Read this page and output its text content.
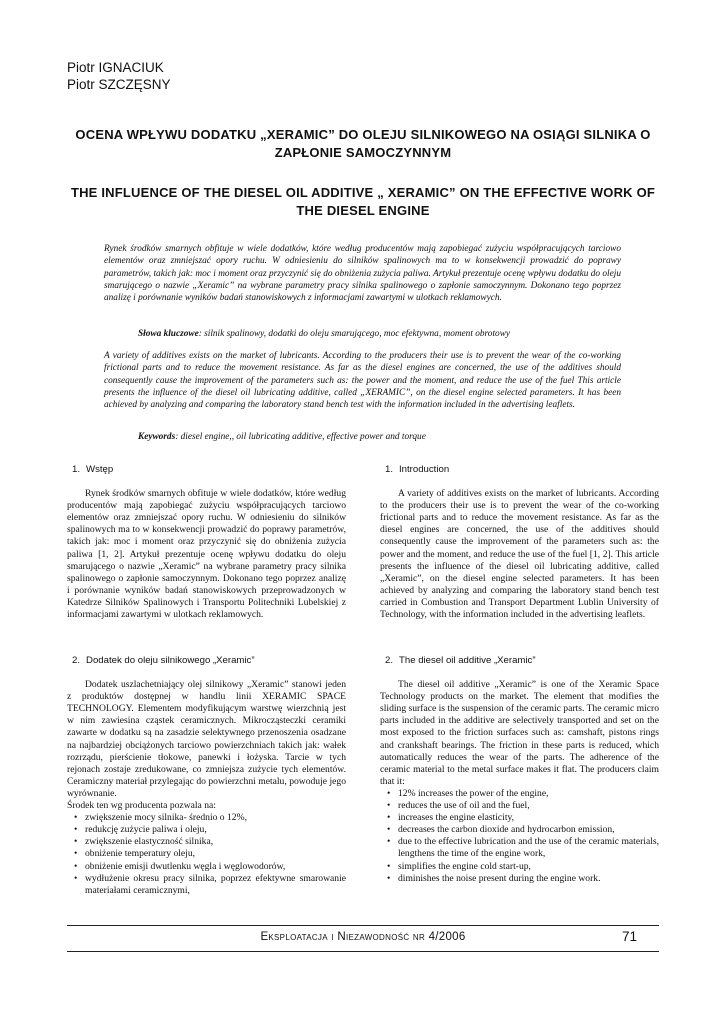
Piotr IGNACIUK
Piotr SZCZĘSNY
OCENA WPŁYWU DODATKU „XERAMIC” DO OLEJU SILNIKOWEGO NA OSIĄGI SILNIKA O ZAPŁONIE SAMOCZYNNYM
THE INFLUENCE OF THE DIESEL OIL ADDITIVE „ XERAMIC” ON THE EFFECTIVE WORK OF THE DIESEL ENGINE
Rynek środków smarnych obfituje w wiele dodatków, które według producentów mają zapobiegać zużyciu współpracujących tarciowo elementów oraz zmniejszać opory ruchu. W odniesieniu do silników spalinowych ma to w konsekwencji prowadzić do poprawy parametrów, takich jak: moc i moment oraz przyczynić się do obniżenia zużycia paliwa. Artykuł prezentuje ocenę wpływu dodatku do oleju smarującego o nazwie „Xeramic” na wybrane parametry pracy silnika spalinowego o zapłonie samoczynnym. Dokonano tego poprzez analizę i porównanie wyników badań stanowiskowych z informacjami zawartymi w ulotkach reklamowych.
Słowa kluczowe: silnik spalinowy, dodatki do oleju smarującego, moc efektywna, moment obrotowy
A variety of additives exists on the market of lubricants. According to the producers their use is to prevent the wear of the co-working frictional parts and to reduce the movement resistance. As far as the diesel engines are concerned, the use of the additives should consequently cause the improvement of the parameters such as: the power and the moment, and reduce the use of the fuel This article presents the influence of the diesel oil lubricating additive, called „XERAMIC”, on the diesel engine selected parameters. It has been achieved by analyzing and comparing the laboratory stand bench test with the information included in the advertising leaflets.
Keywords: diesel engine,, oil lubricating additive, effective power and torque
1. Wstęp

Rynek środków smarnych obfituje w wiele dodatków, które według producentów mają zapobiegać zużyciu współpracujących tarciowo elementów oraz zmniejszać opory ruchu. W odniesieniu do silników spalinowych ma to w konsekwencji prowadzić do poprawy parametrów, takich jak: moc i moment oraz przyczynić się do obniżenia zużycia paliwa [1, 2]. Artykuł prezentuje ocenę wpływu dodatku do oleju smarującego o nazwie „Xeramic” na wybrane parametry pracy silnika spalinowego o zapłonie samoczynnym. Dokonano tego poprzez analizę i porównanie wyników badań stanowiskowych przeprowadzonych w Katedrze Silników Spalinowych i Transportu Politechniki Lubelskiej z informacjami zawartymi w ulotkach reklamowych.

2. Dodatek do oleju silnikowego „Xeramic”

Dodatek uszlachetniający olej silnikowy „Xeramic” stanowi jeden z produktów dostępnej w handlu linii XERAMIC SPACE TECHNOLOGY. Elementem modyfikującym warstwę wierzchnią jest w nim zawiesina cząstek ceramicznych. Mikrocząsteczki ceramiki zawarte w dodatku są na zasadzie selektywnego przenoszenia osadzane na najbardziej obciążonych tarciowo powierzchniach takich jak: wałek rozrządu, pierścienie tłokowe, panewki i łożyska. Tarcie w tych rejonach zostaje zredukowane, co zmniejsza zużycie tych elementów. Ceramiczny materiał przylegając do powierzchni metalu, powoduje jego wyrównanie.

Środek ten wg producenta pozwala na:

• zwiększenie mocy silnika- średnio o 12%,
• redukcję zużycie paliwa i oleju,
• zwiększenie elastyczność silnika,
• obniżenie temperatury oleju,
• obniżenie emisji dwutlenku węgla i węglowodorów,
• wydłużenie okresu pracy silnika, poprzez efektywne smarowanie materiałami ceramicznymi,
1. Introduction

A variety of additives exists on the market of lubricants. According to the producers their use is to prevent the wear of the co-working frictional parts and to reduce the movement resistance. As far as the diesel engines are concerned, the use of the additives should consequently cause the improvement of the parameters such as: the power and the moment, and reduce the use of the fuel [1, 2]. This article presents the influence of the diesel oil lubricating additive, called „Xeramic”, on the diesel engine selected parameters. It has been achieved by analyzing and comparing the laboratory stand bench test carried in Combustion and Transport Department Lublin University of Technology, with the information included in the advertising leaflets.

2. The diesel oil additive „Xeramic”

The diesel oil additive „Xeramic” is one of the Xeramic Space Technology products on the market. The element that modifies the sliding surface is the suspension of the ceramic parts. The ceramic micro parts included in the additive are selectively transported and set on the most exposed to the friction surfaces such as: camshaft, pistons rings and crankshaft bearings. The friction in these parts is reduced, which automatically reduces the wear of the parts. The adherence of the ceramic material to the metal surface makes it flat. The producers claim that it:

• 12% increases the power of the engine,
• reduces the use of oil and the fuel,
• increases the engine elasticity,
• decreases the carbon dioxide and hydrocarbon emission,
• due to the effective lubrication and the use of the ceramic materials, lengthens the time of the engine work,
• simplifies the engine cold start-up,
• diminishes the noise present during the engine work.
Eksploatacja i Niezawodność nr 4/2006	71
